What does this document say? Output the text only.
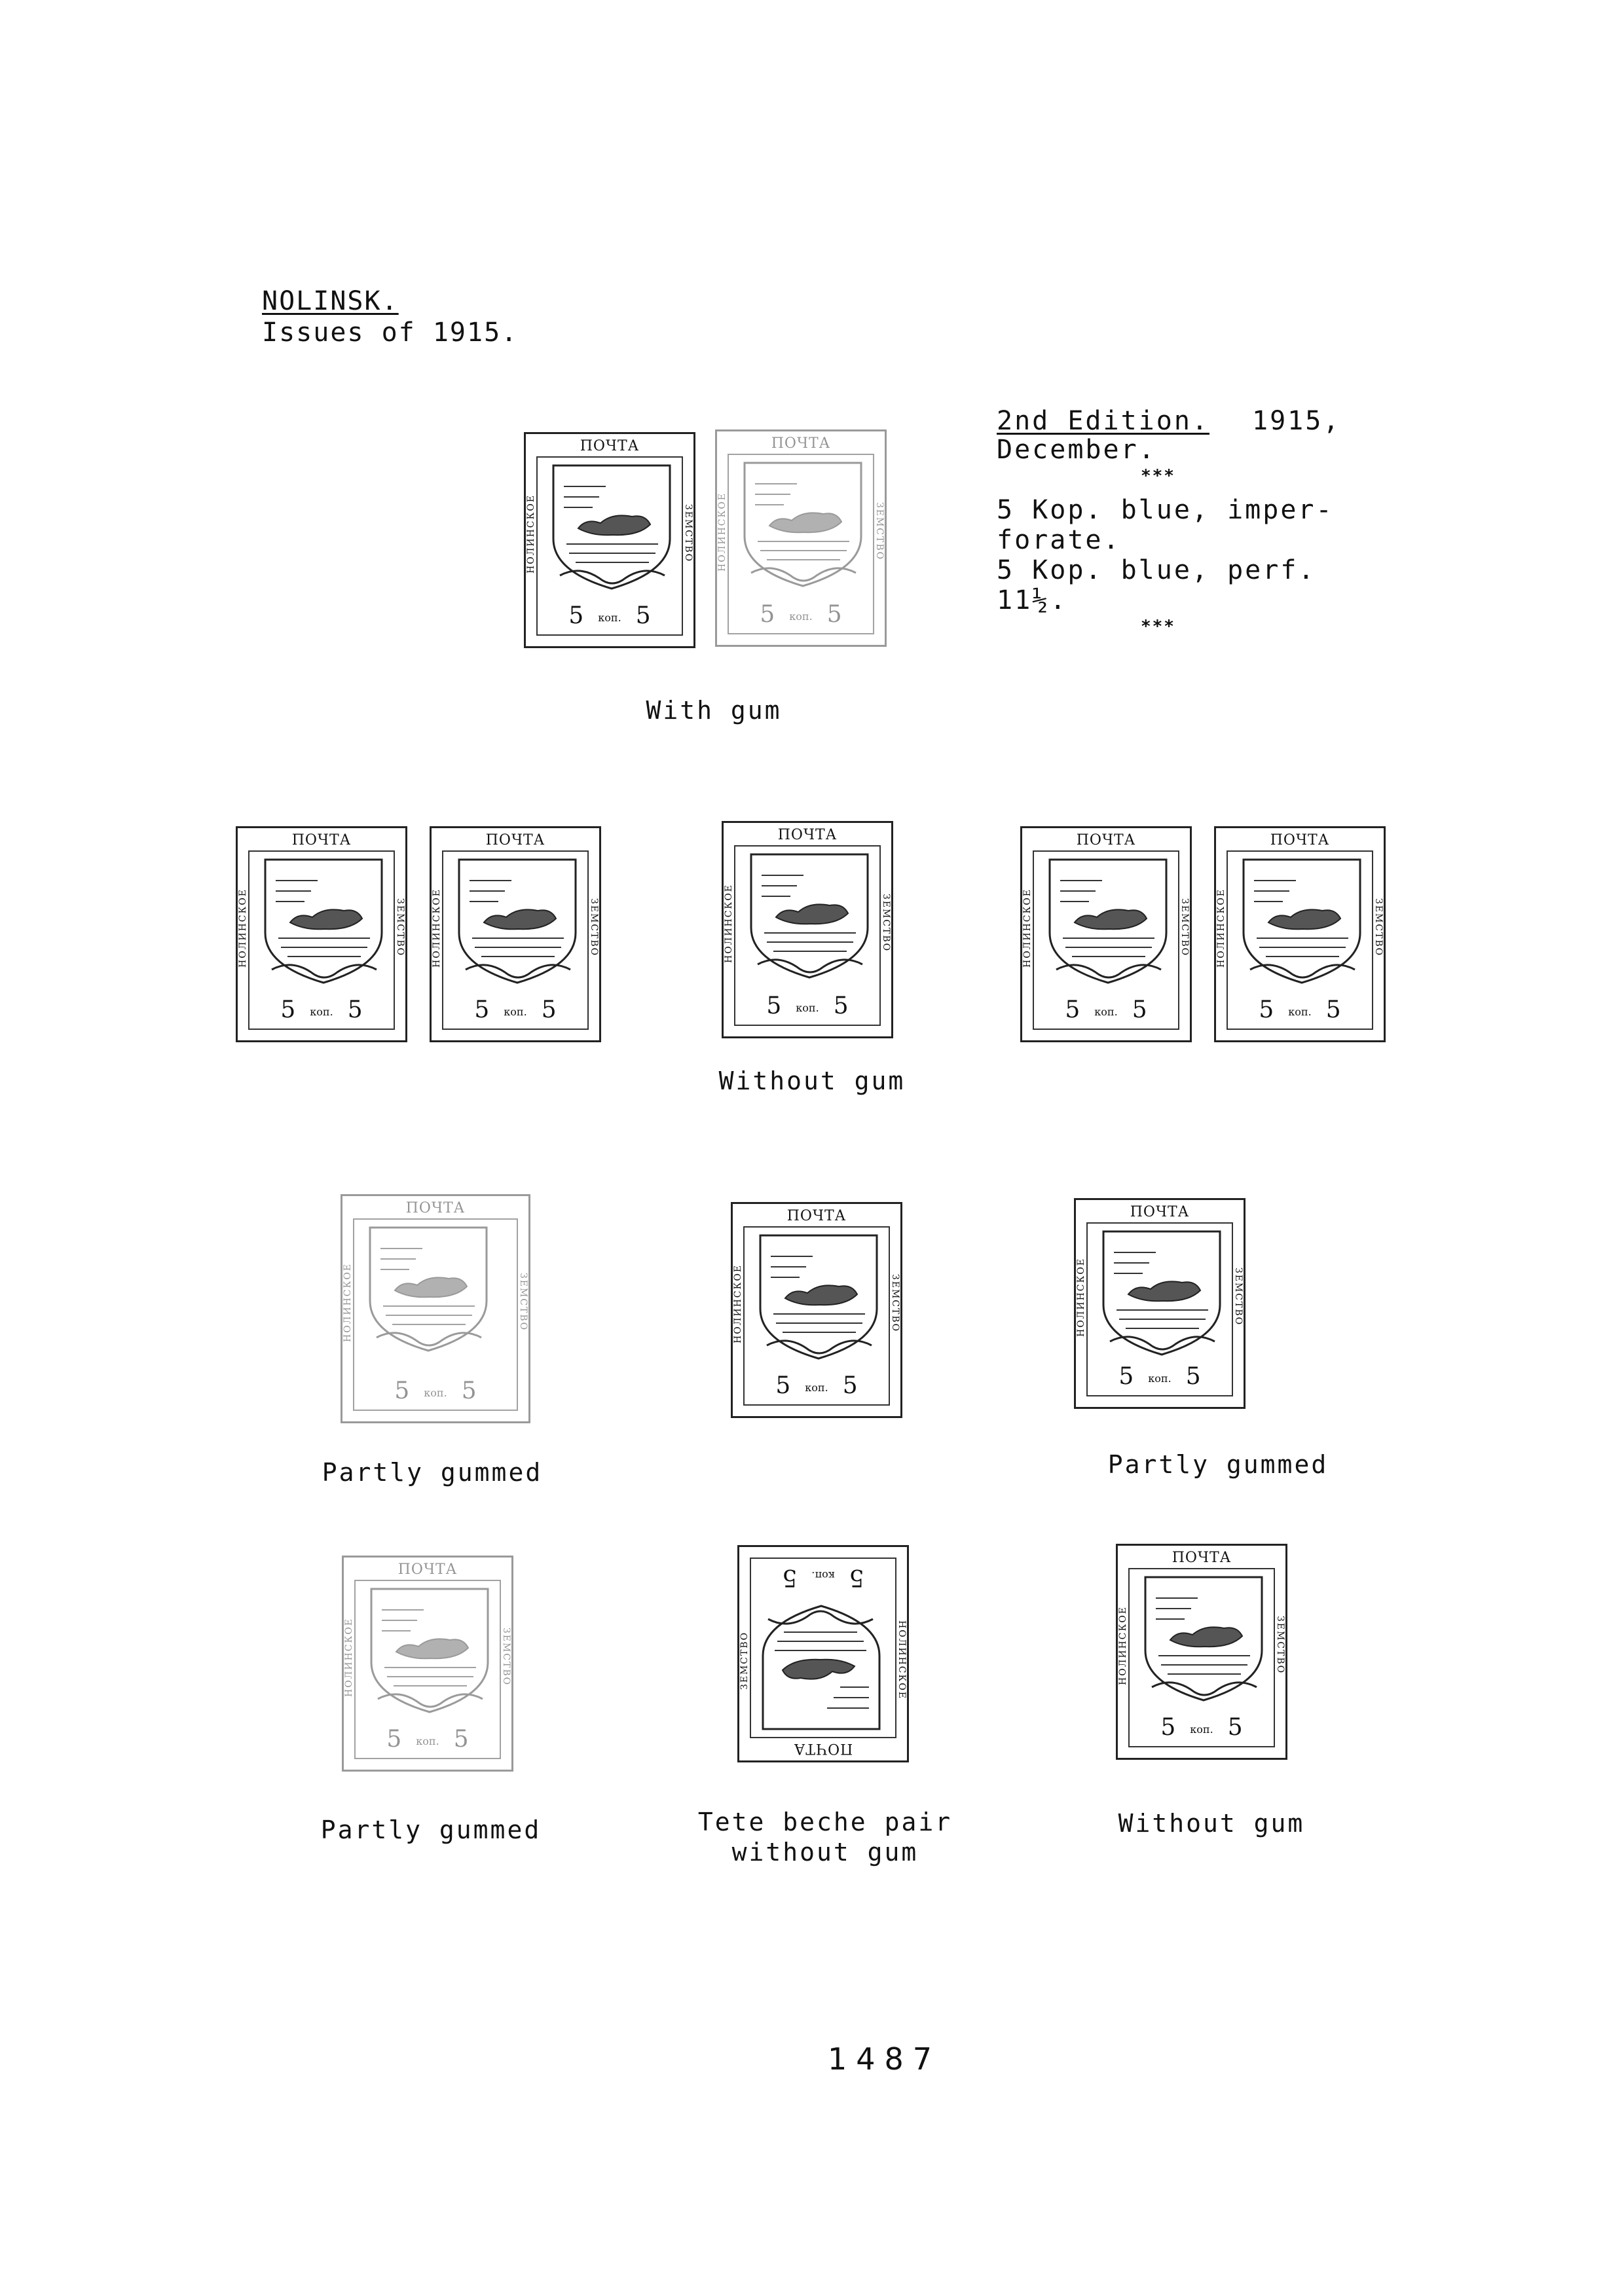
NOLINSK.
Issues of 1915.
2nd Edition. 1915,
December.
***
5 Kop. blue, imper-
forate.
5 Kop. blue, perf.
11½.
***
ПОЧТА
НОЛИНСКОЕ	ЗЕМСТВО
5 коп. 5
ПОЧТА
НОЛИНСКОЕ	ЗЕМСТВО
5 коп. 5
With gum
ПОЧТА
НОЛИНСКОЕ	ЗЕМСТВО
5 коп. 5
ПОЧТА
НОЛИНСКОЕ	ЗЕМСТВО
5 коп. 5
ПОЧТА
НОЛИНСКОЕ	ЗЕМСТВО
5 коп. 5
ПОЧТА
НОЛИНСКОЕ	ЗЕМСТВО
5 коп. 5
ПОЧТА
НОЛИНСКОЕ	ЗЕМСТВО
5 коп. 5
Without gum
ПОЧТА
НОЛИНСКОЕ	ЗЕМСТВО
5 коп. 5
ПОЧТА
НОЛИНСКОЕ	ЗЕМСТВО
5 коп. 5
ПОЧТА
НОЛИНСКОЕ	ЗЕМСТВО
5 коп. 5
Partly gummed	Partly gummed
ПОЧТА
НОЛИНСКОЕ	ЗЕМСТВО
5 коп. 5	ПОЧТА
НОЛИНСКОЕ
ЗЕМСТВО
5коп.5
ПОЧТА
НОЛИНСКОЕ	ЗЕМСТВО
5 коп. 5
Partly gummed	Tete beche pair
without gum
Without gum
1487
